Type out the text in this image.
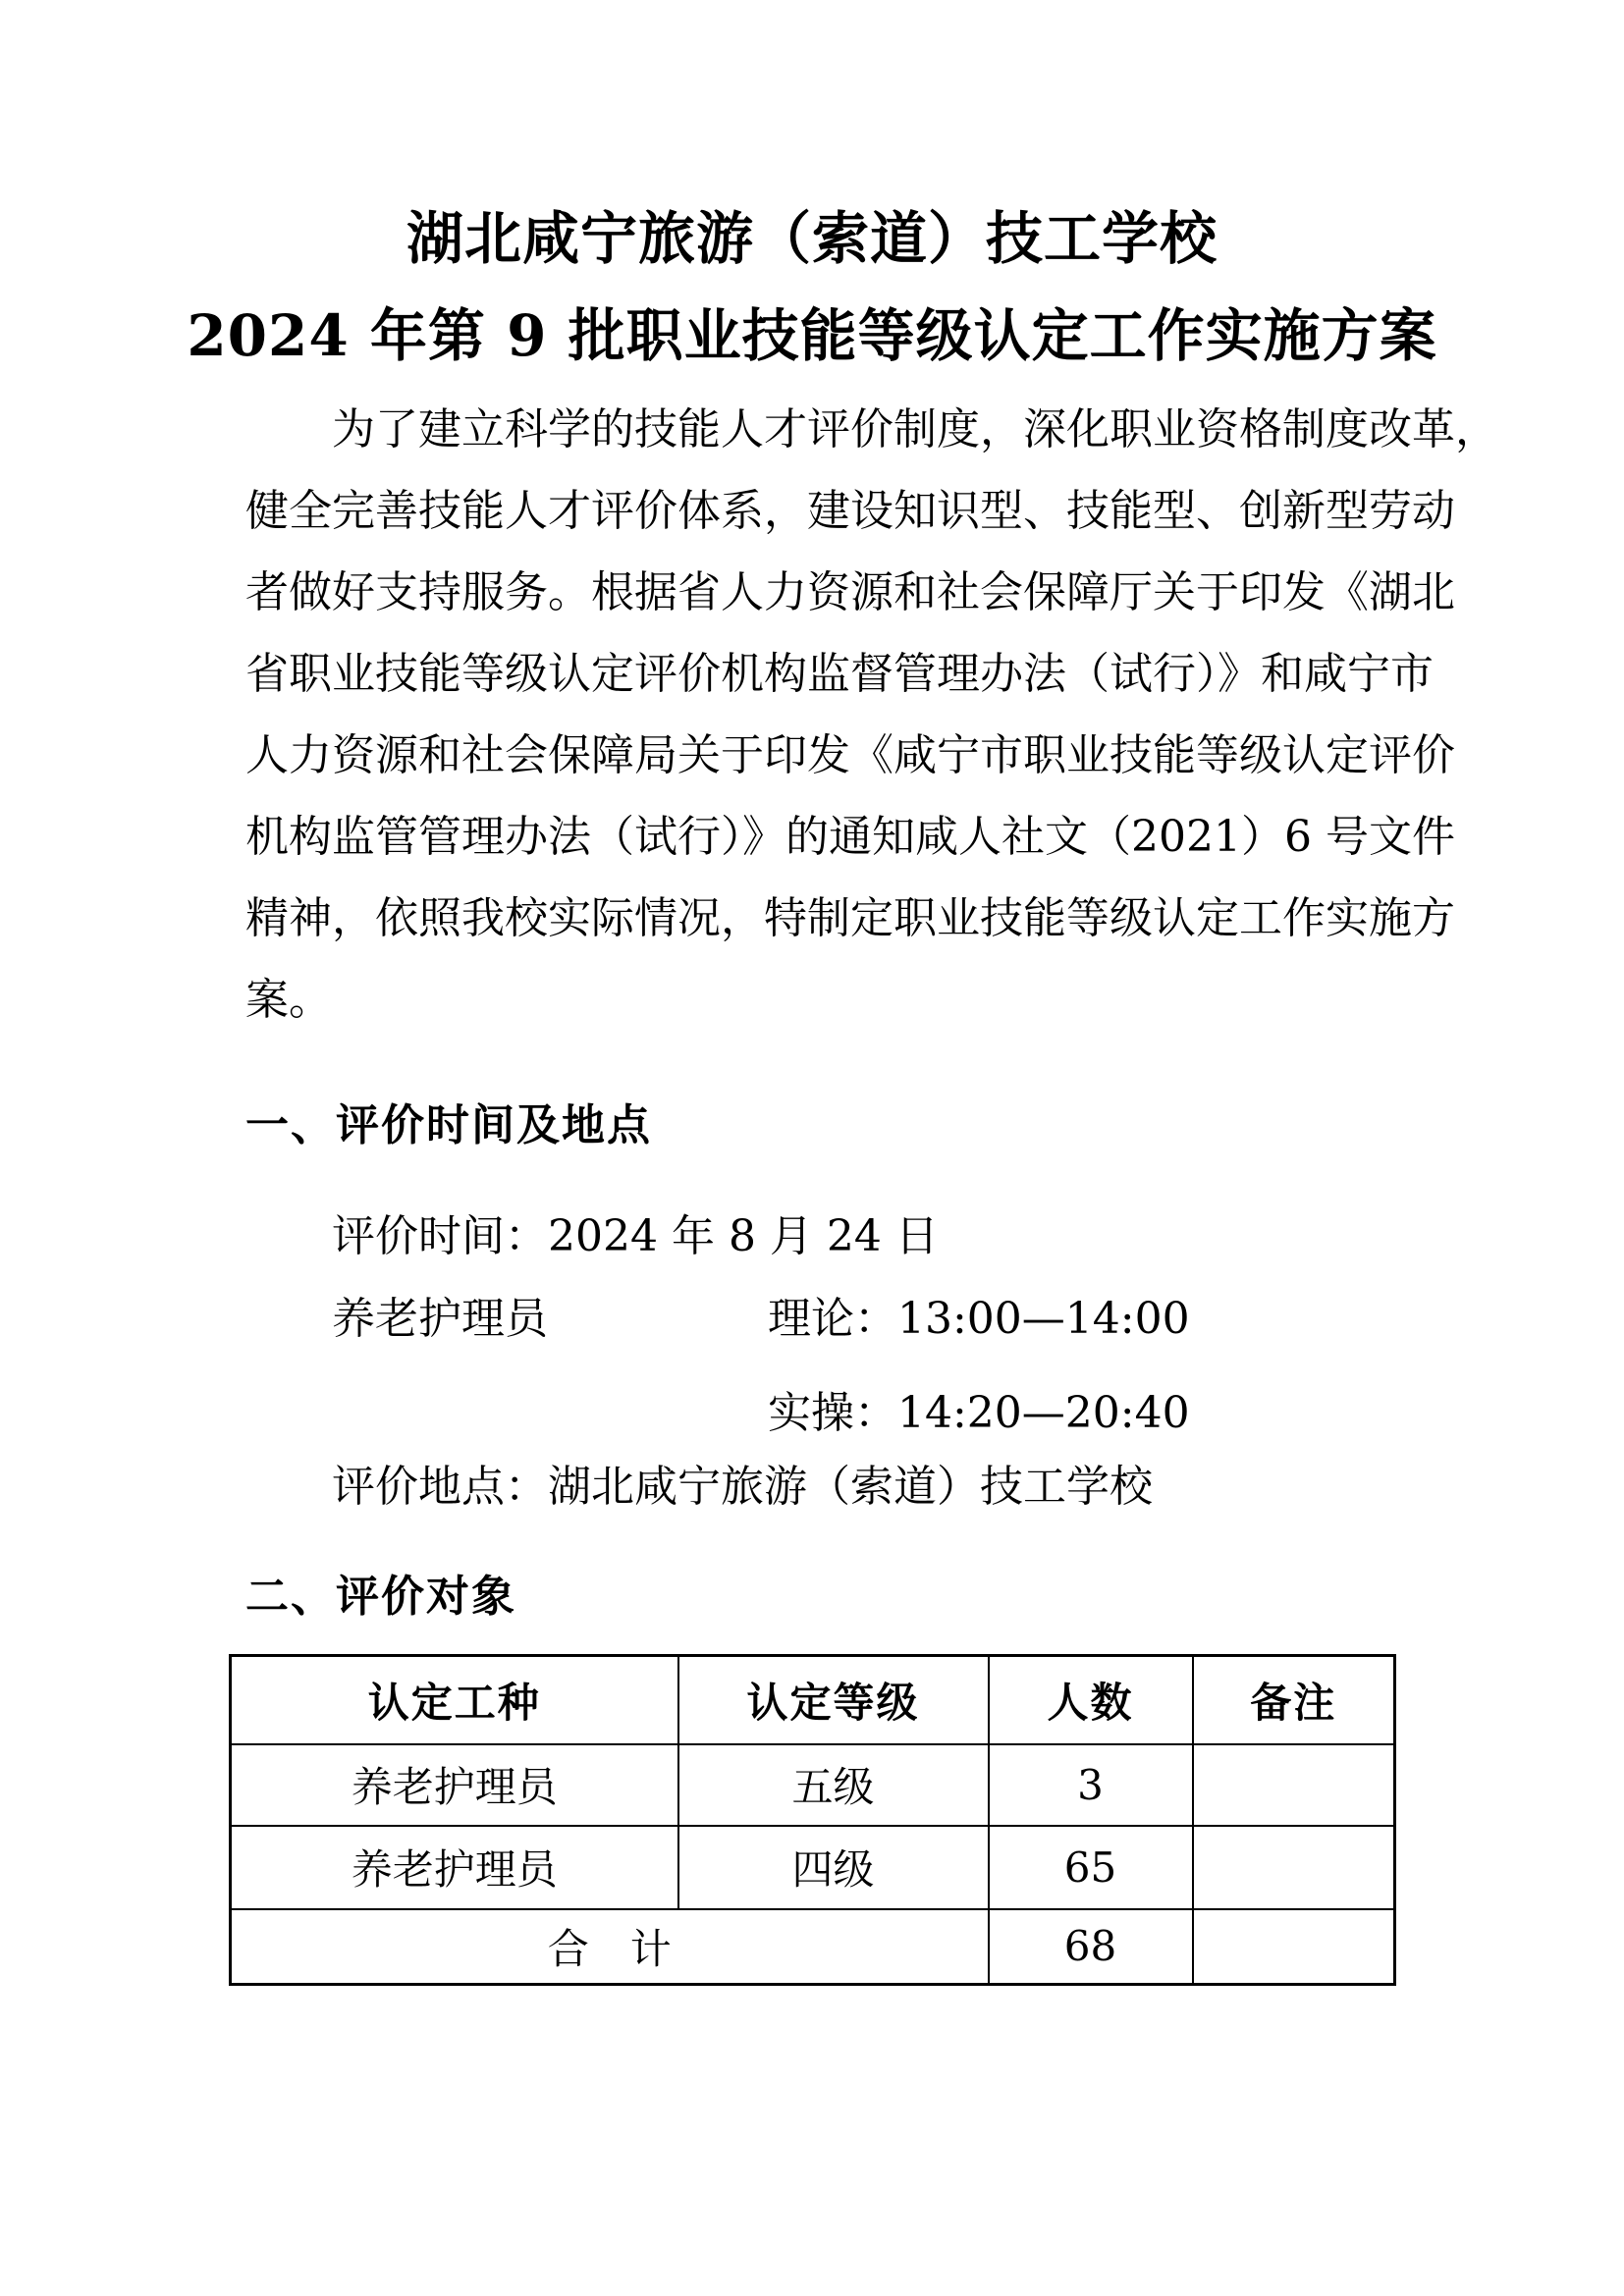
湖北咸宁旅游（索道）技工学校
2024 年第 9 批职业技能等级认定工作实施方案
为了建立科学的技能人才评价制度，深化职业资格制度改革，
健全完善技能人才评价体系，建设知识型、技能型、创新型劳动
者做好支持服务。根据省人力资源和社会保障厅关于印发《湖北
省职业技能等级认定评价机构监督管理办法（试行）》和咸宁市
人力资源和社会保障局关于印发《咸宁市职业技能等级认定评价
机构监管管理办法（试行）》的通知咸人社文（2021）6 号文件
精神，依照我校实际情况，特制定职业技能等级认定工作实施方
案。
一、评价时间及地点
评价时间：2024 年 8 月 24 日
养老护理员	理论：13:00—14:00
实操：14:20—20:40
评价地点：湖北咸宁旅游（索道）技工学校
二、评价对象
认定工种	认定等级	人数	备注
养老护理员	五级	3	
养老护理员	四级	65	
合　计		68	
